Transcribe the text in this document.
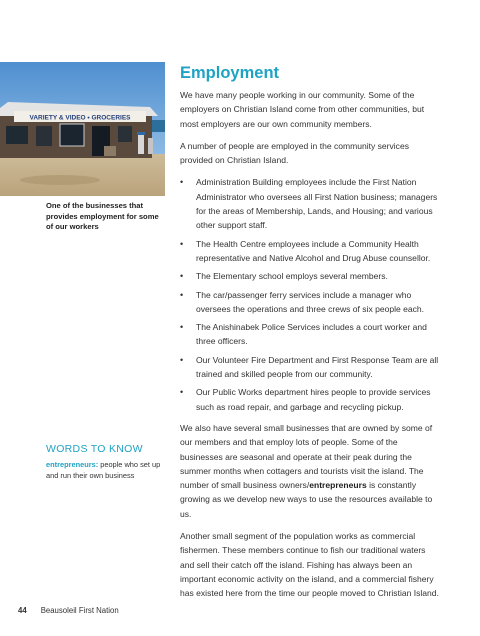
VARIETY & VIDEO • GROCERIES
One of the businesses that provides employment for some of our workers
WORDS TO KNOW
entrepreneurs: people who set up and run their own business
Employment

We have many people working in our community. Some of the employers on Christian Island come from other communities, but most employers are our own community members.

A number of people are employed in the community services provided on Christian Island.

• Administration Building employees include the First Nation Administrator who oversees all First Nation business; managers for the areas of Membership, Lands, and Housing; and various other support staff.
• The Health Centre employees include a Community Health representative and Native Alcohol and Drug Abuse counsellor.
• The Elementary school employs several members.
• The car/passenger ferry services include a manager who oversees the operations and three crews of six people each.
• The Anishinabek Police Services includes a court worker and three officers.
• Our Volunteer Fire Department and First Response Team are all trained and skilled people from our community.
• Our Public Works department hires people to provide services such as road repair, and garbage and recycling pickup.

We also have several small businesses that are owned by some of our members and that employ lots of people. Some of the businesses are seasonal and operate at their peak during the summer months when cottagers and tourists visit the island. The number of small business owners/entrepreneurs is constantly growing as we develop new ways to use the resources available to us.

Another small segment of the population works as commercial fishermen. These members continue to fish our traditional waters and sell their catch off the island. Fishing has always been an important economic activity on the island, and a commercial fishery has existed here from the time our people moved to Christian Island.

44 Beausoleil First Nation
